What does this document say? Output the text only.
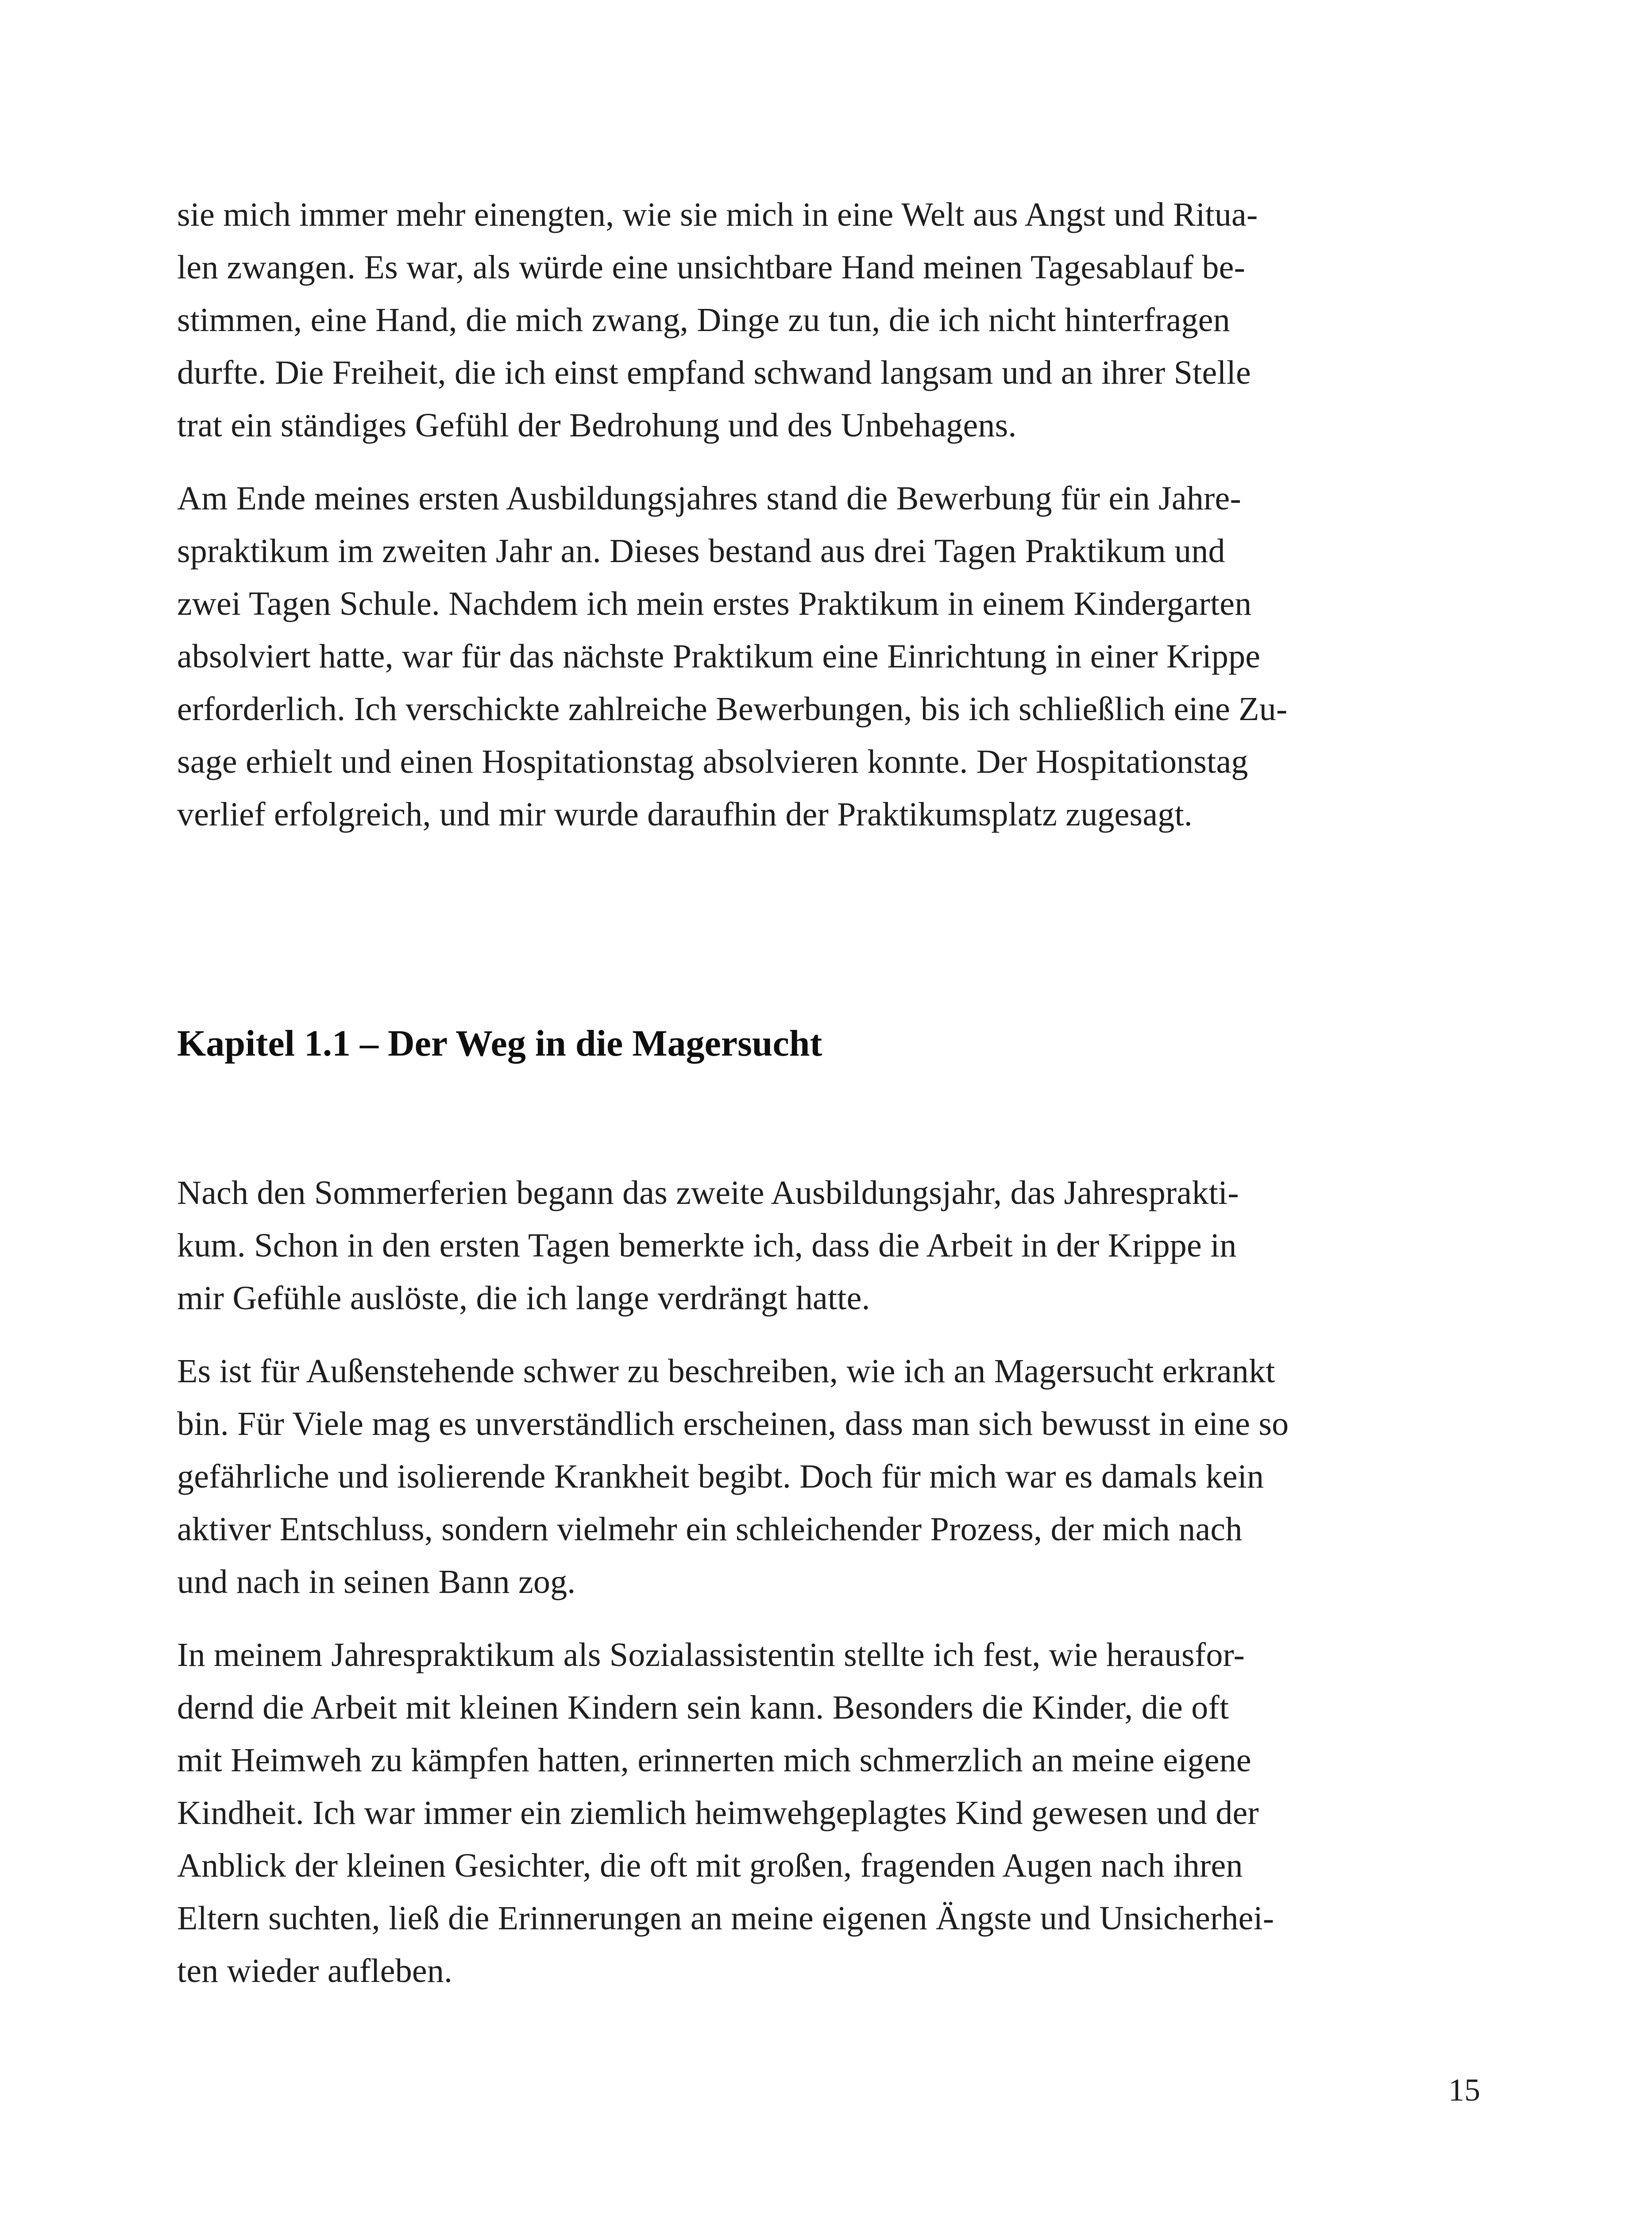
sie mich immer mehr einengten, wie sie mich in eine Welt aus Angst und Ritua-

len zwangen. Es war, als würde eine unsichtbare Hand meinen Tagesablauf be-

stimmen, eine Hand, die mich zwang, Dinge zu tun, die ich nicht hinterfragen

durfte. Die Freiheit, die ich einst empfand schwand langsam und an ihrer Stelle

trat ein ständiges Gefühl der Bedrohung und des Unbehagens.

Am Ende meines ersten Ausbildungsjahres stand die Bewerbung für ein Jahre-

spraktikum im zweiten Jahr an. Dieses bestand aus drei Tagen Praktikum und

zwei Tagen Schule. Nachdem ich mein erstes Praktikum in einem Kindergarten

absolviert hatte, war für das nächste Praktikum eine Einrichtung in einer Krippe

erforderlich. Ich verschickte zahlreiche Bewerbungen, bis ich schließlich eine Zu-

sage erhielt und einen Hospitationstag absolvieren konnte. Der Hospitationstag

verlief erfolgreich, und mir wurde daraufhin der Praktikumsplatz zugesagt.

Kapitel 1.1 – Der Weg in die Magersucht

Nach den Sommerferien begann das zweite Ausbildungsjahr, das Jahresprakti-

kum. Schon in den ersten Tagen bemerkte ich, dass die Arbeit in der Krippe in

mir Gefühle auslöste, die ich lange verdrängt hatte.

Es ist für Außenstehende schwer zu beschreiben, wie ich an Magersucht erkrankt

bin. Für Viele mag es unverständlich erscheinen, dass man sich bewusst in eine so

gefährliche und isolierende Krankheit begibt. Doch für mich war es damals kein

aktiver Entschluss, sondern vielmehr ein schleichender Prozess, der mich nach

und nach in seinen Bann zog.

In meinem Jahrespraktikum als Sozialassistentin stellte ich fest, wie herausfor-

dernd die Arbeit mit kleinen Kindern sein kann. Besonders die Kinder, die oft

mit Heimweh zu kämpfen hatten, erinnerten mich schmerzlich an meine eigene

Kindheit. Ich war immer ein ziemlich heimwehgeplagtes Kind gewesen und der

Anblick der kleinen Gesichter, die oft mit großen, fragenden Augen nach ihren

Eltern suchten, ließ die Erinnerungen an meine eigenen Ängste und Unsicherhei-

ten wieder aufleben.

15
